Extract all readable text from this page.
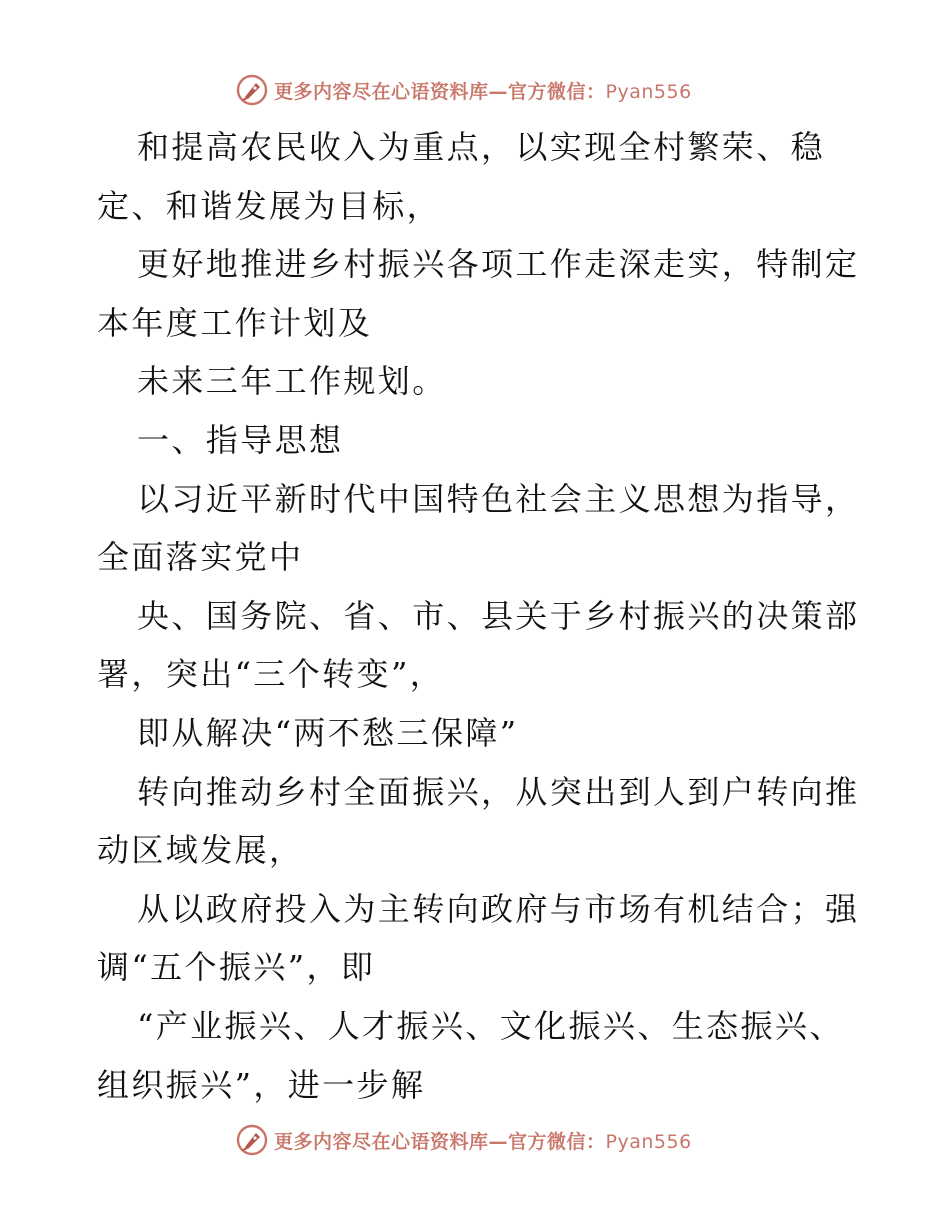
更多内容尽在心语资料库—官方微信：Pyan556
和提高农民收入为重点，以实现全村繁荣、稳
定、和谐发展为目标，
更好地推进乡村振兴各项工作走深走实，特制定
本年度工作计划及
未来三年工作规划。
一、指导思想
以习近平新时代中国特色社会主义思想为指导，
全面落实党中
央、国务院、省、市、县关于乡村振兴的决策部
署，突出“三个转变”，
即从解决“两不愁三保障”
转向推动乡村全面振兴，从突出到人到户转向推
动区域发展，
从以政府投入为主转向政府与市场有机结合；强
调“五个振兴”，即
“产业振兴、人才振兴、文化振兴、生态振兴、
组织振兴”，进一步解
更多内容尽在心语资料库—官方微信：Pyan556
